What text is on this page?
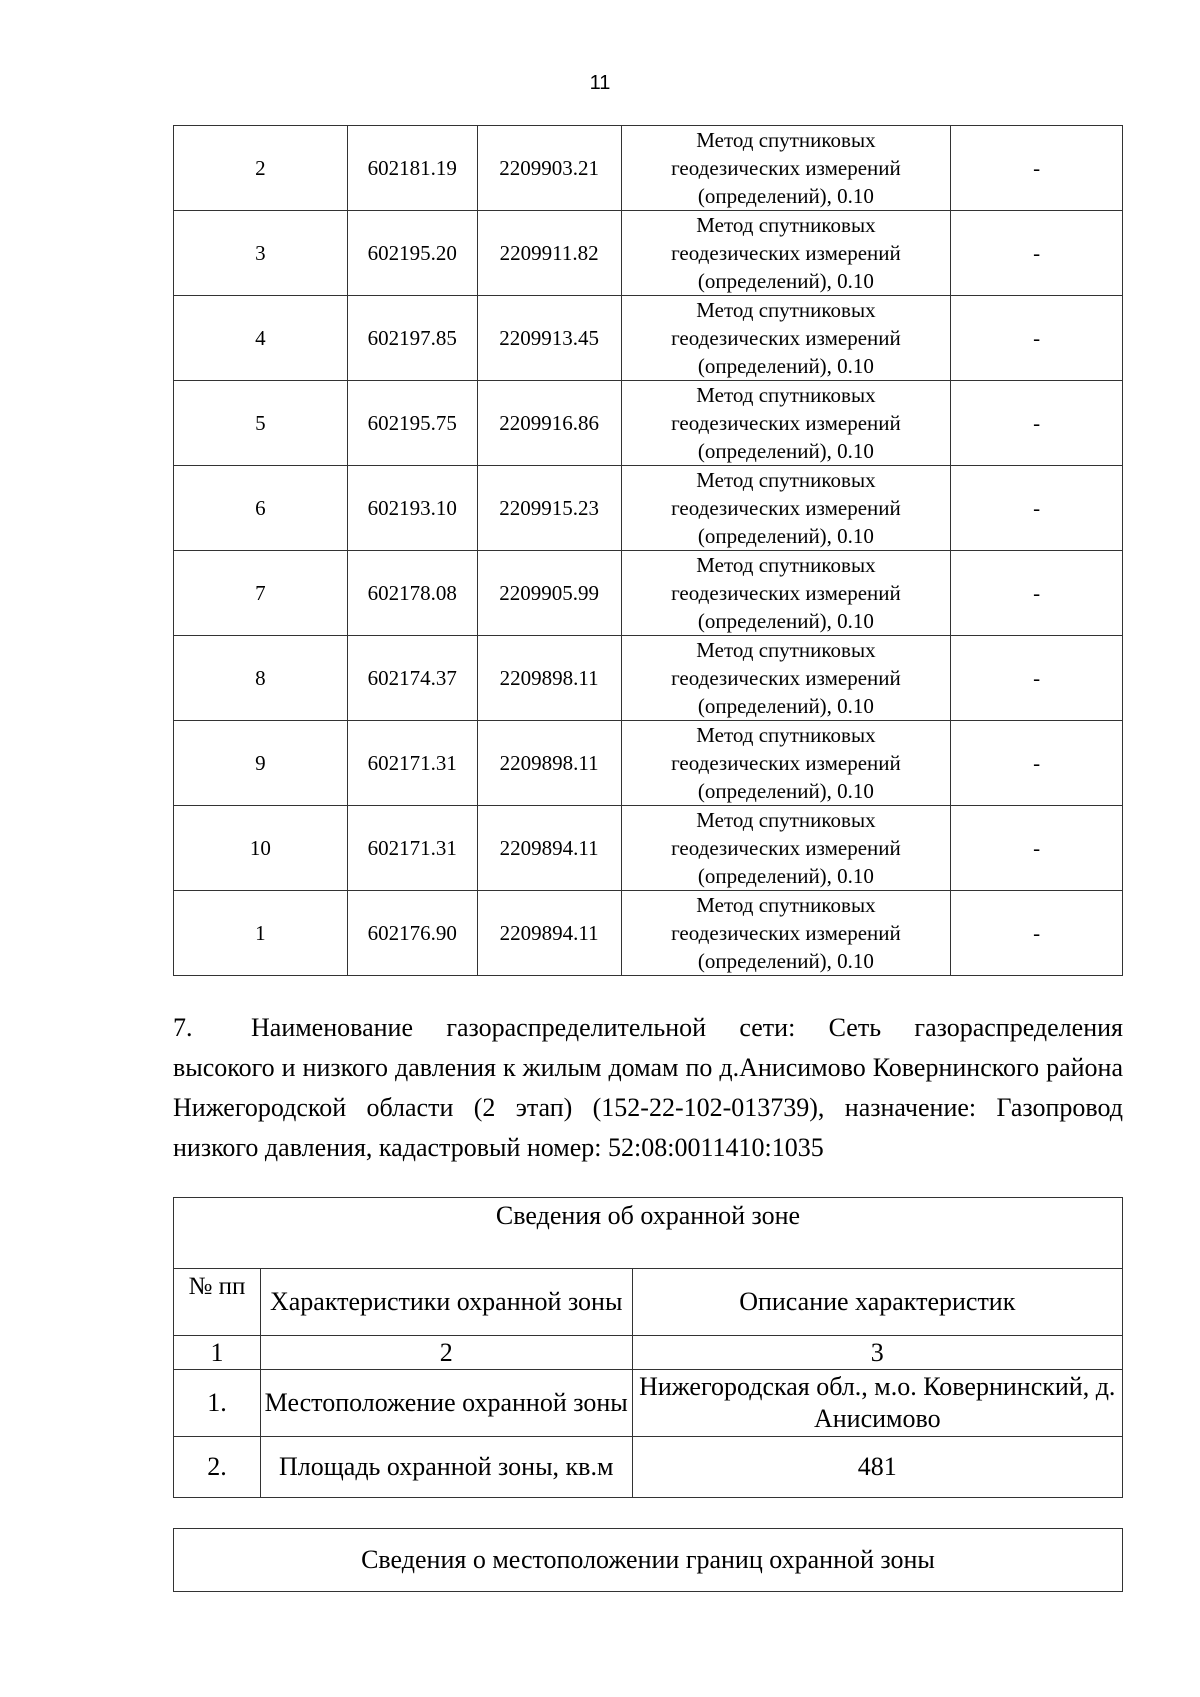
11
2	602181.19	2209903.21	Метод спутниковых
геодезических измерений
(определений), 0.10	-
3	602195.20	2209911.82	Метод спутниковых
геодезических измерений
(определений), 0.10	-
4	602197.85	2209913.45	Метод спутниковых
геодезических измерений
(определений), 0.10	-
5	602195.75	2209916.86	Метод спутниковых
геодезических измерений
(определений), 0.10	-
6	602193.10	2209915.23	Метод спутниковых
геодезических измерений
(определений), 0.10	-
7	602178.08	2209905.99	Метод спутниковых
геодезических измерений
(определений), 0.10	-
8	602174.37	2209898.11	Метод спутниковых
геодезических измерений
(определений), 0.10	-
9	602171.31	2209898.11	Метод спутниковых
геодезических измерений
(определений), 0.10	-
10	602171.31	2209894.11	Метод спутниковых
геодезических измерений
(определений), 0.10	-
1	602176.90	2209894.11	Метод спутниковых
геодезических измерений
(определений), 0.10	-
7. Наименование газораспределительной сети: Сеть газораспределения высокого и низкого давления к жилым домам по д.Анисимово Ковернинского района Нижегородской области (2 этап) (152-22-102-013739), назначение: Газопровод низкого давления, кадастровый номер: 52:08:0011410:1035
Сведения об охранной зоне		
№ пп	Характеристики охранной зоны	Описание характеристик
1	2	3
1.	Местоположение охранной зоны	Нижегородская обл., м.о. Ковернинский, д. Анисимово
2.	Площадь охранной зоны, кв.м	481
Сведения о местоположении границ охранной зоны
